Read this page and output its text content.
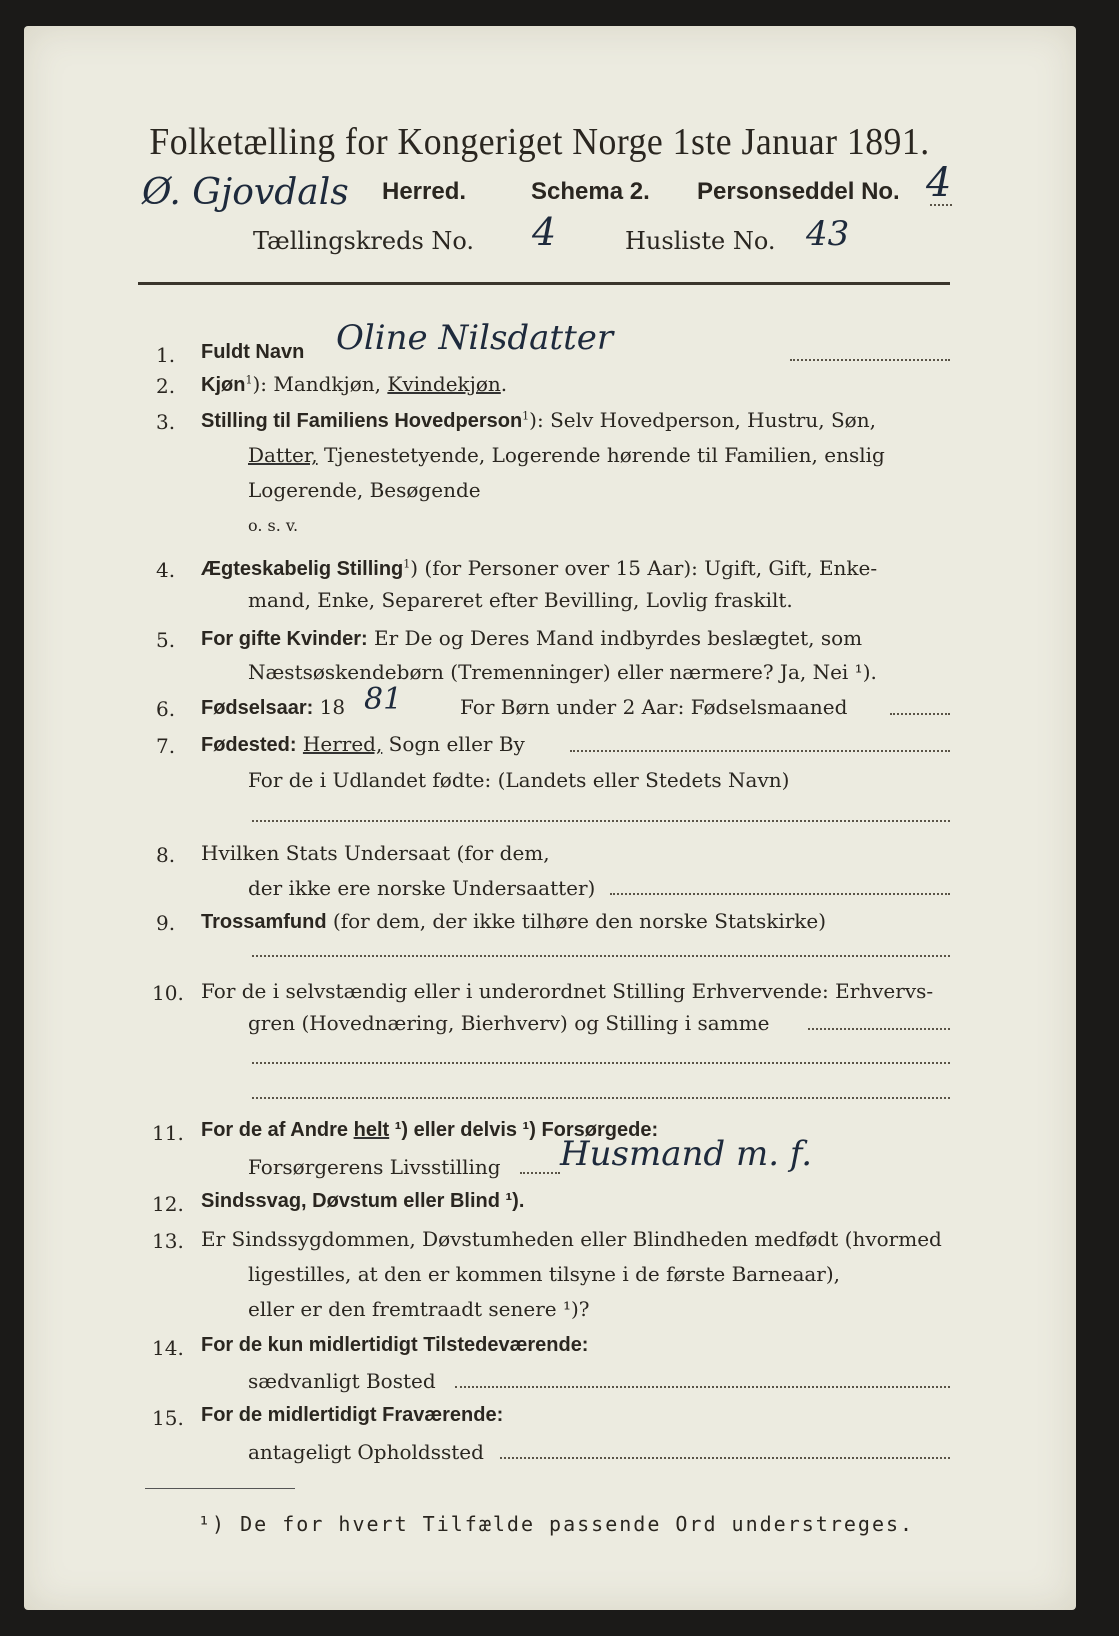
Folketælling for Kongeriget Norge 1ste Januar 1891.
Ø. Gjovdals Herred.	Schema 2. Personseddel No. 4
Tællingskreds No. 4	Husliste No. 43
1. Fuldt Navn Oline Nilsdatter
2. Kjøn$^1$): Mandkjøn, Kvindekjøn.
3. Stilling til Familiens Hovedperson$^1$): Selv Hovedperson, Hustru, Søn,
Datter, Tjenestetyende, Logerende hørende til Familien, enslig
Logerende, Besøgende
o. s. v.
4. Ægteskabelig Stilling$^1$) (for Personer over 15 Aar): Ugift, Gift, Enke-
mand, Enke, Separeret efter Bevilling, Lovlig fraskilt.
5. For gifte Kvinder: Er De og Deres Mand indbyrdes beslægtet, som
Næstsøskendebørn (Tremenninger) eller nærmere? Ja, Nei ¹).
6. Fødselsaar: 18 81	For Børn under 2 Aar: Fødselsmaaned
7. Fødested: Herred, Sogn eller By
For de i Udlandet fødte: (Landets eller Stedets Navn)
8. Hvilken Stats Undersaat (for dem,
der ikke ere norske Undersaatter)
9. Trossamfund (for dem, der ikke tilhøre den norske Statskirke)
10. For de i selvstændig eller i underordnet Stilling Erhvervende: Erhvervs-
gren (Hovednæring, Bierhverv) og Stilling i samme
11. For de af Andre helt ¹) eller delvis ¹) Forsørgede:
Forsørgerens Livsstilling Husmand m. f.
12. Sindssvag, Døvstum eller Blind ¹).
13. Er Sindssygdommen, Døvstumheden eller Blindheden medfødt (hvormed
ligestilles, at den er kommen tilsyne i de første Barneaar),
eller er den fremtraadt senere ¹)?
14. For de kun midlertidigt Tilstedeværende:
sædvanligt Bosted
15. For de midlertidigt Fraværende:
antageligt Opholdssted
¹) De for hvert Tilfælde passende Ord understreges.
